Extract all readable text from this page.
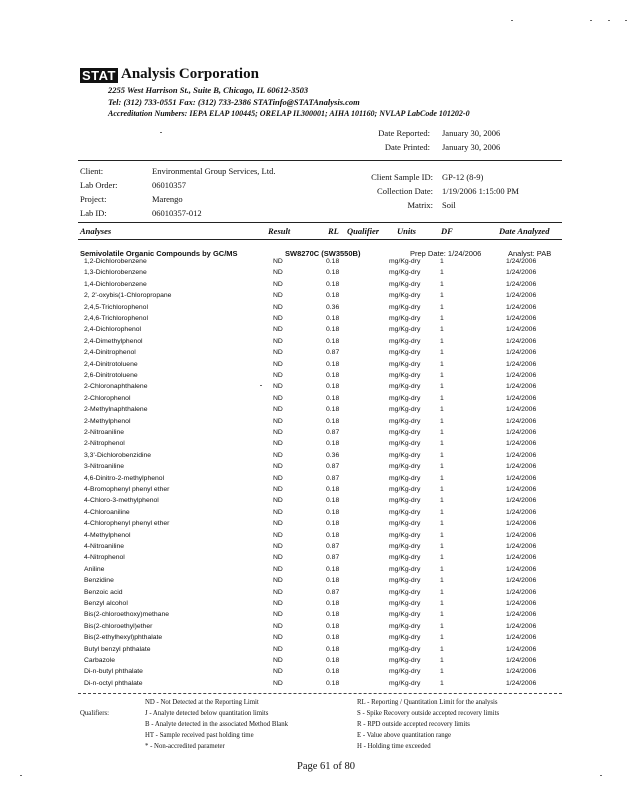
STAT Analysis Corporation
2255 West Harrison St., Suite B, Chicago, IL 60612-3503
Tel: (312) 733-0551 Fax: (312) 733-2386 STATinfo@STATAnalysis.com
Accreditation Numbers: IEPA ELAP 100445; ORELAP IL300001; AIHA 101160; NVLAP LabCode 101202-0
Date Reported: January 30, 2006
Date Printed: January 30, 2006
Client:	Environmental Group Services, Ltd.
Lab Order:	06010357
Project:	Marengo
Lab ID:	06010357-012
Client Sample ID: GP-12 (8-9)
Collection Date: 1/19/2006 1:15:00 PM
Matrix: Soil
Analyses	Result	RL Qualifier Units	DF	Date Analyzed
Semivolatile Organic Compounds by GC/MS	SW8270C (SW3550B)	Prep Date: 1/24/2006	Analyst: PAB
1,2-Dichlorobenzene	ND	0.18	mg/Kg-dry	1	1/24/2006
1,3-Dichlorobenzene	ND	0.18	mg/Kg-dry	1	1/24/2006
1,4-Dichlorobenzene	ND	0.18	mg/Kg-dry	1	1/24/2006
2, 2'-oxybis(1-Chloropropane	ND	0.18	mg/Kg-dry	1	1/24/2006
2,4,5-Trichlorophenol	ND	0.36	mg/Kg-dry	1	1/24/2006
2,4,6-Trichlorophenol	ND	0.18	mg/Kg-dry	1	1/24/2006
2,4-Dichlorophenol	ND	0.18	mg/Kg-dry	1	1/24/2006
2,4-Dimethylphenol	ND	0.18	mg/Kg-dry	1	1/24/2006
2,4-Dinitrophenol	ND	0.87	mg/Kg-dry	1	1/24/2006
2,4-Dinitrotoluene	ND	0.18	mg/Kg-dry	1	1/24/2006
2,6-Dinitrotoluene	ND	0.18	mg/Kg-dry	1	1/24/2006
2-Chloronaphthalene	ND	0.18	mg/Kg-dry	1	1/24/2006
2-Chlorophenol	ND	0.18	mg/Kg-dry	1	1/24/2006
2-Methylnaphthalene	ND	0.18	mg/Kg-dry	1	1/24/2006
2-Methylphenol	ND	0.18	mg/Kg-dry	1	1/24/2006
2-Nitroaniline	ND	0.87	mg/Kg-dry	1	1/24/2006
2-Nitrophenol	ND	0.18	mg/Kg-dry	1	1/24/2006
3,3'-Dichlorobenzidine	ND	0.36	mg/Kg-dry	1	1/24/2006
3-Nitroaniline	ND	0.87	mg/Kg-dry	1	1/24/2006
4,6-Dinitro-2-methylphenol	ND	0.87	mg/Kg-dry	1	1/24/2006
4-Bromophenyl phenyl ether	ND	0.18	mg/Kg-dry	1	1/24/2006
4-Chloro-3-methylphenol	ND	0.18	mg/Kg-dry	1	1/24/2006
4-Chloroaniline	ND	0.18	mg/Kg-dry	1	1/24/2006
4-Chlorophenyl phenyl ether	ND	0.18	mg/Kg-dry	1	1/24/2006
4-Methylphenol	ND	0.18	mg/Kg-dry	1	1/24/2006
4-Nitroaniline	ND	0.87	mg/Kg-dry	1	1/24/2006
4-Nitrophenol	ND	0.87	mg/Kg-dry	1	1/24/2006
Aniline	ND	0.18	mg/Kg-dry	1	1/24/2006
Benzidine	ND	0.18	mg/Kg-dry	1	1/24/2006
Benzoic acid	ND	0.87	mg/Kg-dry	1	1/24/2006
Benzyl alcohol	ND	0.18	mg/Kg-dry	1	1/24/2006
Bis(2-chloroethoxy)methane	ND	0.18	mg/Kg-dry	1	1/24/2006
Bis(2-chloroethyl)ether	ND	0.18	mg/Kg-dry	1	1/24/2006
Bis(2-ethylhexyl)phthalate	ND	0.18	mg/Kg-dry	1	1/24/2006
Butyl benzyl phthalate	ND	0.18	mg/Kg-dry	1	1/24/2006
Carbazole	ND	0.18	mg/Kg-dry	1	1/24/2006
Di-n-butyl phthalate	ND	0.18	mg/Kg-dry	1	1/24/2006
Di-n-octyl phthalate	ND	0.18	mg/Kg-dry	1	1/24/2006
Qualifiers:
ND - Not Detected at the Reporting Limit
J - Analyte detected below quantitation limits
B - Analyte detected in the associated Method Blank
HT - Sample received past holding time
* - Non-accredited parameter
RL - Reporting / Quantitation Limit for the analysis
S - Spike Recovery outside accepted recovery limits
R - RPD outside accepted recovery limits
E - Value above quantitation range
H - Holding time exceeded
Page 61 of 80
